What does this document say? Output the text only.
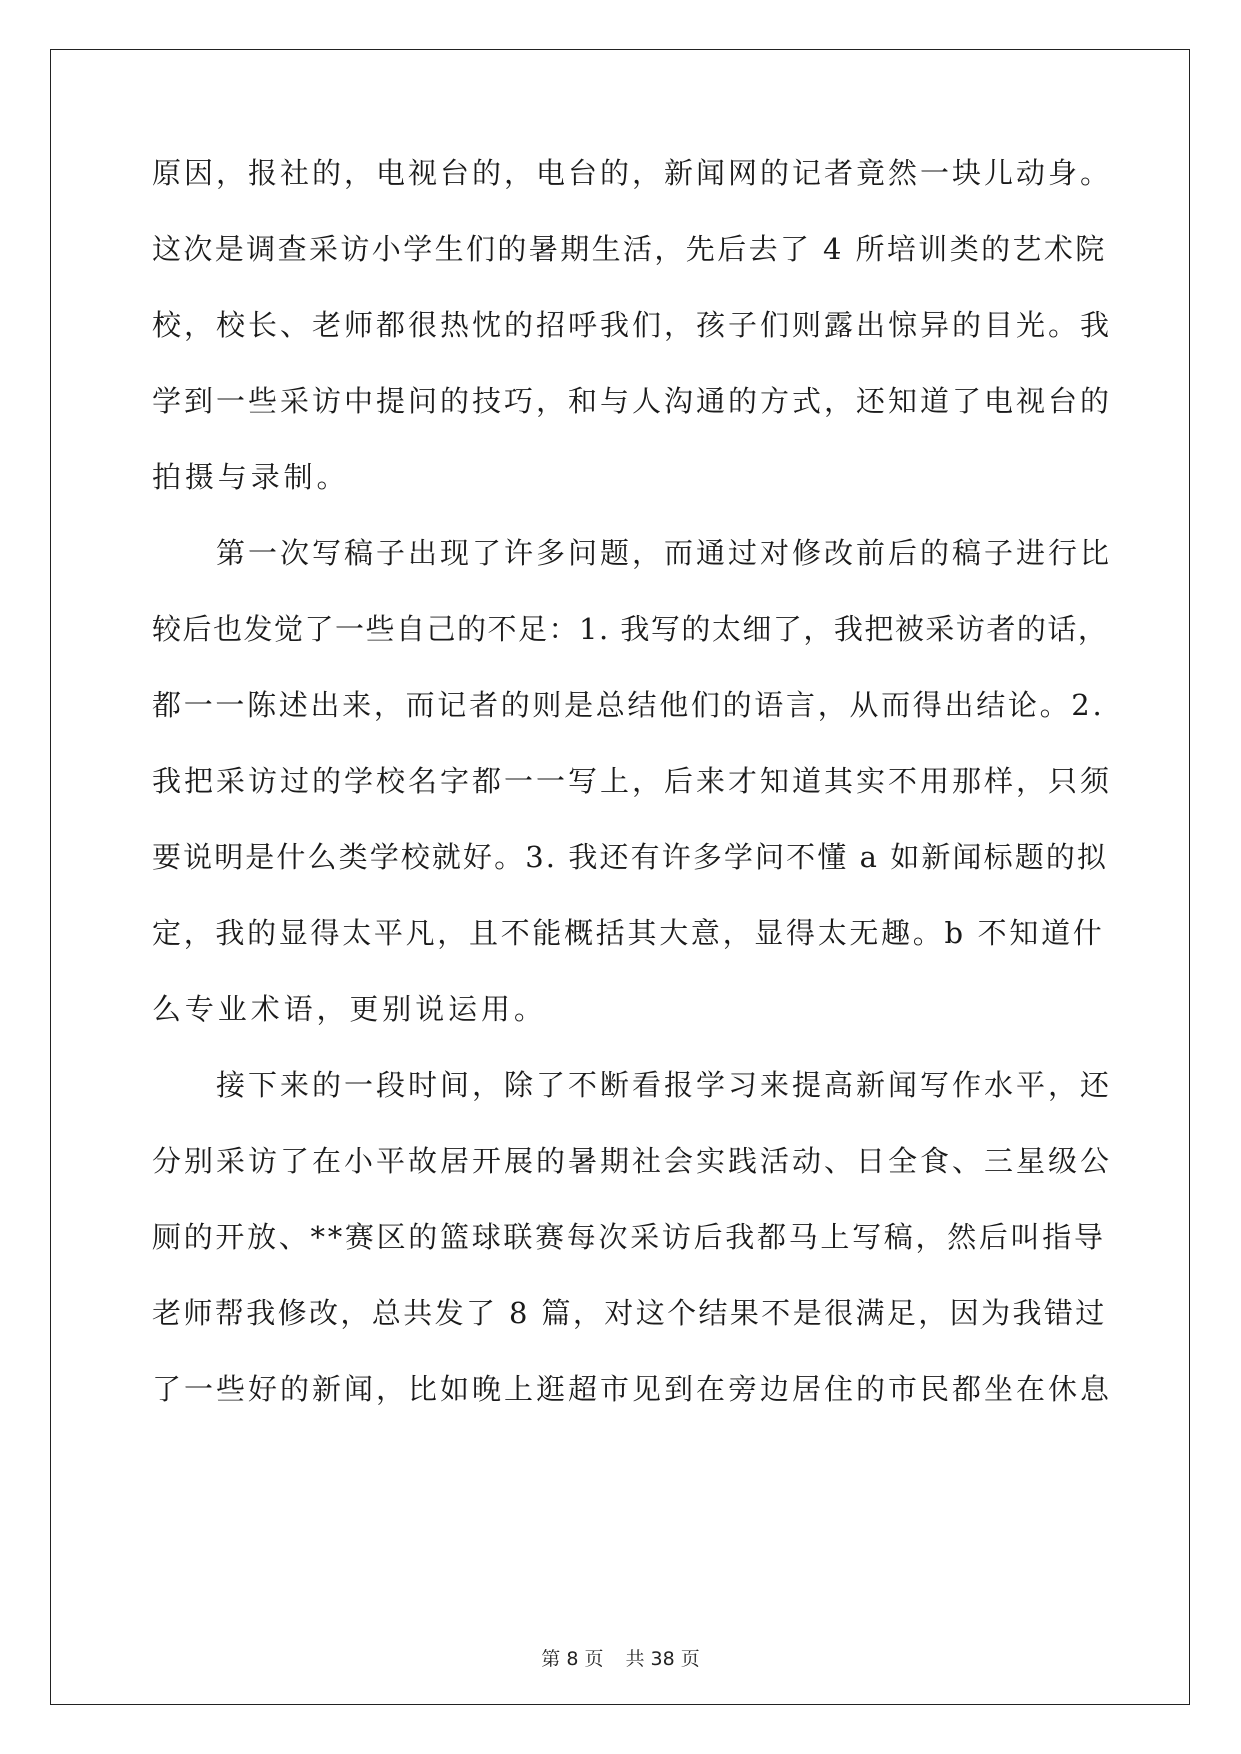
原因，报社的，电视台的，电台的，新闻网的记者竟然一块儿动身。
这次是调查采访小学生们的暑期生活，先后去了 4 所培训类的艺术院
校，校长、老师都很热忱的招呼我们，孩子们则露出惊异的目光。我
学到一些采访中提问的技巧，和与人沟通的方式，还知道了电视台的
拍摄与录制。
　　第一次写稿子出现了许多问题，而通过对修改前后的稿子进行比
较后也发觉了一些自己的不足：1. 我写的太细了，我把被采访者的话，
都一一陈述出来，而记者的则是总结他们的语言，从而得出结论。2.
我把采访过的学校名字都一一写上，后来才知道其实不用那样，只须
要说明是什么类学校就好。3. 我还有许多学问不懂 a 如新闻标题的拟
定，我的显得太平凡，且不能概括其大意，显得太无趣。b 不知道什
么专业术语，更别说运用。
　　接下来的一段时间，除了不断看报学习来提高新闻写作水平，还
分别采访了在小平故居开展的暑期社会实践活动、日全食、三星级公
厕的开放、**赛区的篮球联赛每次采访后我都马上写稿，然后叫指导
老师帮我修改，总共发了 8 篇，对这个结果不是很满足，因为我错过
了一些好的新闻，比如晚上逛超市见到在旁边居住的市民都坐在休息
第 8 页 共 38 页
